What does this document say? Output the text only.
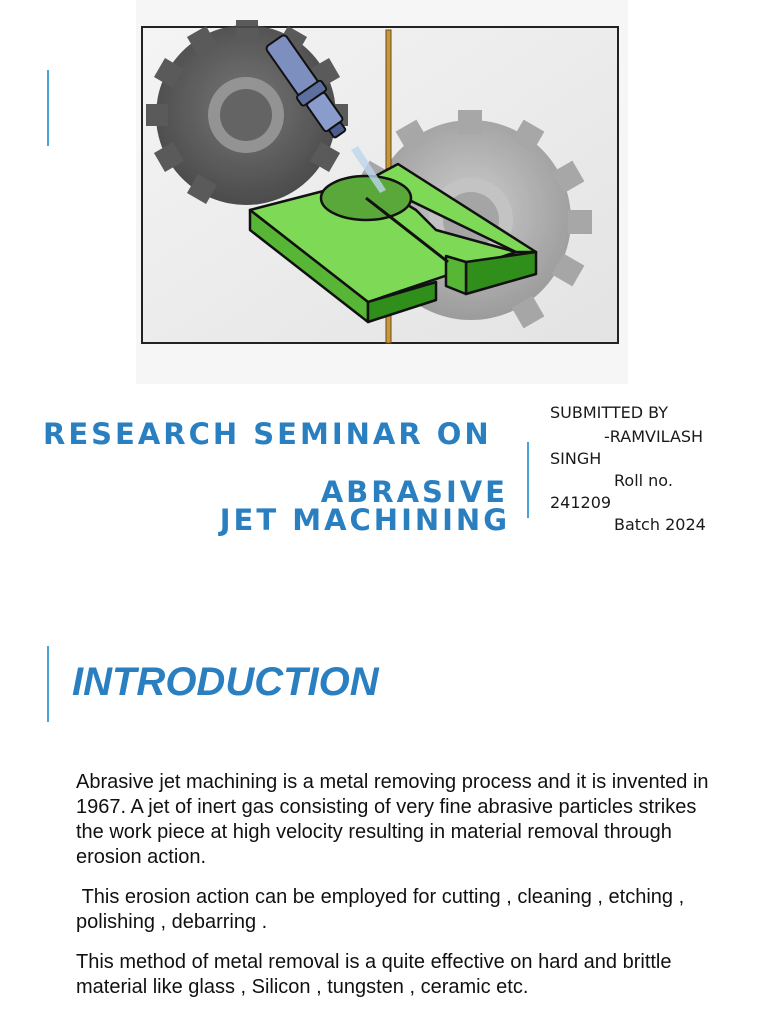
RESEARCH SEMINAR ON
ABRASIVE
JET MACHINING
SUBMITTED BY
-RAMVILASH
SINGH
Roll no.
241209
Batch 2024
INTRODUCTION

Abrasive jet machining is a metal removing process and it is invented in 1967. A jet of inert gas consisting of very fine abrasive particles strikes the work piece at high velocity resulting in material removal through erosion action.

This erosion action can be employed for cutting , cleaning , etching , polishing , debarring .

This method of metal removal is a quite effective on hard and brittle material like glass , Silicon , tungsten , ceramic etc.
